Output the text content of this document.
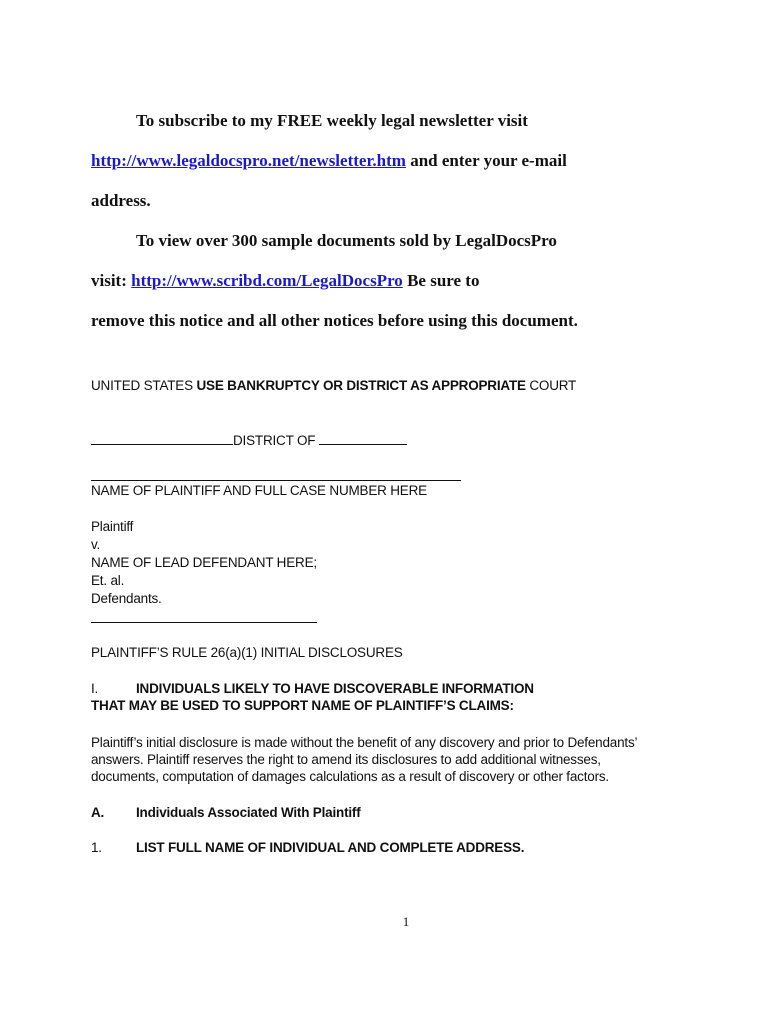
To subscribe to my FREE weekly legal newsletter visit
http://www.legaldocspro.net/newsletter.htm and enter your e-mail
address.
To view over 300 sample documents sold by LegalDocsPro
visit: http://www.scribd.com/LegalDocsPro Be sure to
remove this notice and all other notices before using this document.
UNITED STATES USE BANKRUPTCY OR DISTRICT AS APPROPRIATE COURT
DISTRICT OF
NAME OF PLAINTIFF AND FULL CASE NUMBER HERE
Plaintiff
v.
NAME OF LEAD DEFENDANT HERE;
Et. al.
Defendants.
PLAINTIFF’S RULE 26(a)(1) INITIAL DISCLOSURES
I.	INDIVIDUALS LIKELY TO HAVE DISCOVERABLE INFORMATION
THAT MAY BE USED TO SUPPORT NAME OF PLAINTIFF’S CLAIMS:
Plaintiff’s initial disclosure is made without the benefit of any discovery and prior to Defendants’
answers. Plaintiff reserves the right to amend its disclosures to add additional witnesses,
documents, computation of damages calculations as a result of discovery or other factors.
A. Individuals Associated With Plaintiff
1.	LIST FULL NAME OF INDIVIDUAL AND COMPLETE ADDRESS.
1
